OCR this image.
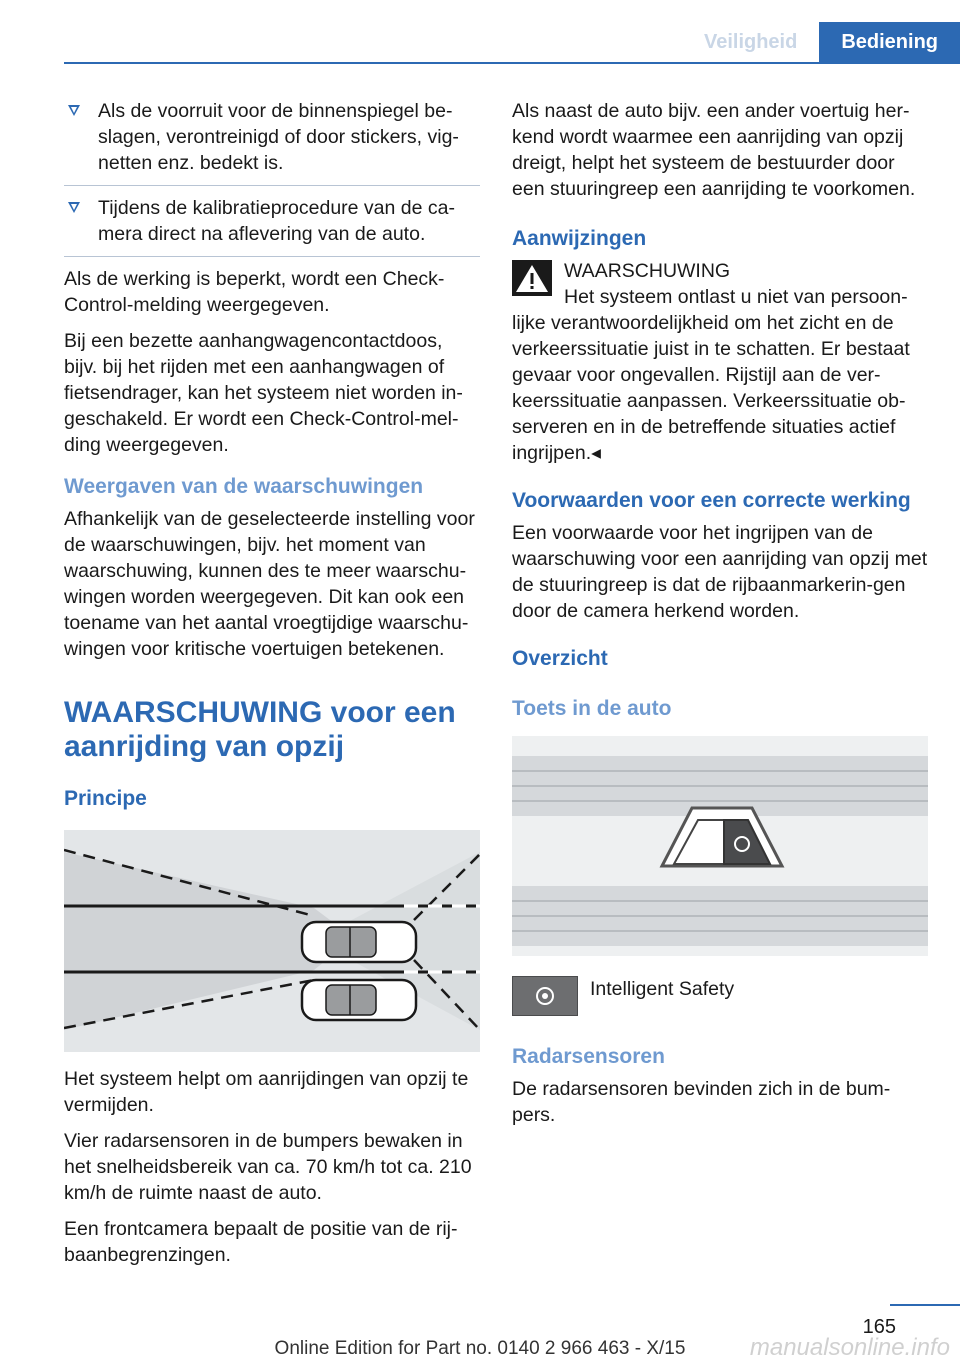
Veiligheid	Bediening
Als de voorruit voor de binnenspiegel be-slagen, verontreinigd of door stickers, vig-netten enz. bedekt is.
Tijdens de kalibratieprocedure van de ca-mera direct na aflevering van de auto.

Als de werking is beperkt, wordt een Check-Control-melding weergegeven.

Bij een bezette aanhangwagencontactdoos, bijv. bij het rijden met een aanhangwagen of fietsendrager, kan het systeem niet worden in-geschakeld. Er wordt een Check-Control-mel-ding weergegeven.

Weergaven van de waarschuwingen

Afhankelijk van de geselecteerde instelling voor de waarschuwingen, bijv. het moment van waarschuwing, kunnen des te meer waarschu-wingen worden weergegeven. Dit kan ook een toename van het aantal vroegtijdige waarschu-wingen voor kritische voertuigen betekenen.

WAARSCHUWING voor een aanrijding van opzij
Principe

Het systeem helpt om aanrijdingen van opzij te vermijden.

Vier radarsensoren in de bumpers bewaken in het snelheidsbereik van ca. 70 km/h tot ca. 210 km/h de ruimte naast de auto.

Een frontcamera bepaalt de positie van de rij-baanbegrenzingen.

Als naast de auto bijv. een ander voertuig her-kend wordt waarmee een aanrijding van opzij dreigt, helpt het systeem de bestuurder door een stuuringreep een aanrijding te voorkomen.

Aanwijzingen

WAARSCHUWING

Het systeem ontlast u niet van persoon-lijke verantwoordelijkheid om het zicht en de verkeerssituatie juist in te schatten. Er bestaat gevaar voor ongevallen. Rijstijl aan de ver-keerssituatie aanpassen. Verkeerssituatie ob-serveren en in de betreffende situaties actief ingrijpen.◂

Voorwaarden voor een correcte werking

Een voorwaarde voor het ingrijpen van de waarschuwing voor een aanrijding van opzij met de stuuringreep is dat de rijbaanmarkerin-gen door de camera herkend worden.

Overzicht
Toets in de auto

Intelligent Safety

Radarsensoren

De radarsensoren bevinden zich in de bum-pers.

165
Online Edition for Part no. 0140 2 966 463 - X/15	manualsonline.info
